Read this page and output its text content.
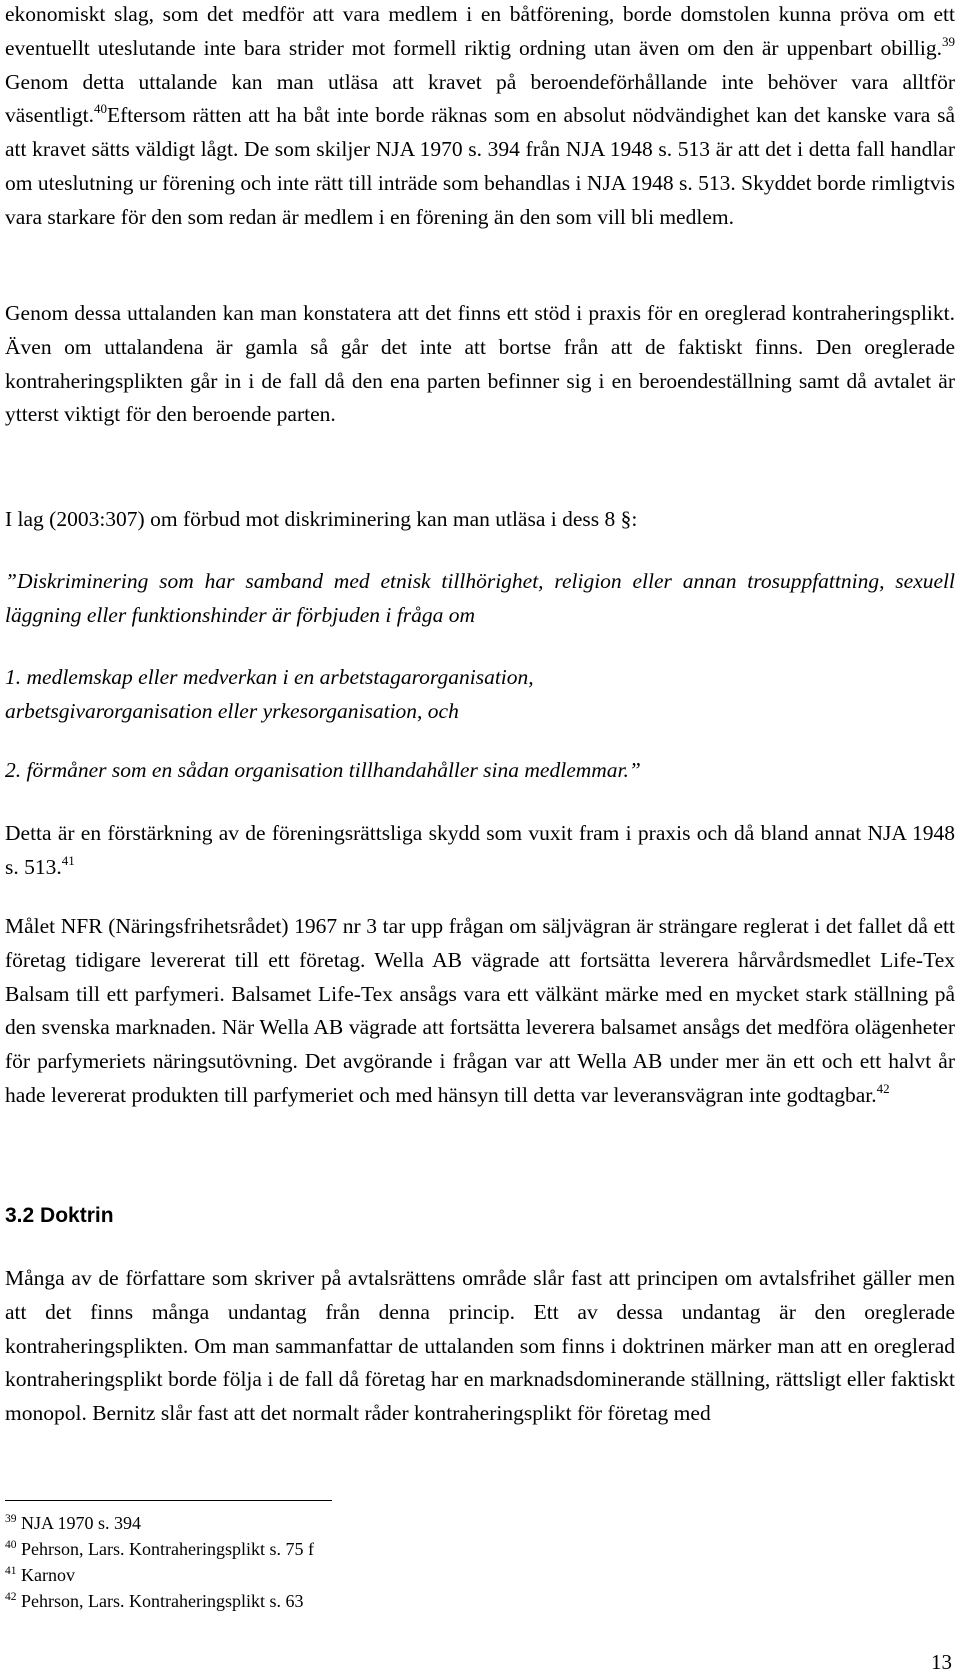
ekonomiskt slag, som det medför att vara medlem i en båtförening, borde domstolen kunna pröva om ett eventuellt uteslutande inte bara strider mot formell riktig ordning utan även om den är uppenbart obillig.$^{39}$ Genom detta uttalande kan man utläsa att kravet på beroendeförhållande inte behöver vara alltför väsentligt.$^{40}$Eftersom rätten att ha båt inte borde räknas som en absolut nödvändighet kan det kanske vara så att kravet sätts väldigt lågt. De som skiljer NJA 1970 s. 394 från NJA 1948 s. 513 är att det i detta fall handlar om uteslutning ur förening och inte rätt till inträde som behandlas i NJA 1948 s. 513. Skyddet borde rimligtvis vara starkare för den som redan är medlem i en förening än den som vill bli medlem.

Genom dessa uttalanden kan man konstatera att det finns ett stöd i praxis för en oreglerad kontraheringsplikt. Även om uttalandena är gamla så går det inte att bortse från att de faktiskt finns. Den oreglerade kontraheringsplikten går in i de fall då den ena parten befinner sig i en beroendeställning samt då avtalet är ytterst viktigt för den beroende parten.

I lag (2003:307) om förbud mot diskriminering kan man utläsa i dess 8 §:

”Diskriminering som har samband med etnisk tillhörighet, religion eller annan trosuppfattning, sexuell läggning eller funktionshinder är förbjuden i fråga om

1. medlemskap eller medverkan i en arbetstagarorganisation, arbetsgivarorganisation eller yrkesorganisation, och

2. förmåner som en sådan organisation tillhandahåller sina medlemmar.”

Detta är en förstärkning av de föreningsrättsliga skydd som vuxit fram i praxis och då bland annat NJA 1948 s. 513.41

Målet NFR (Näringsfrihetsrådet) 1967 nr 3 tar upp frågan om säljvägran är strängare reglerat i det fallet då ett företag tidigare levererat till ett företag. Wella AB vägrade att fortsätta leverera hårvårdsmedlet Life-Tex Balsam till ett parfymeri. Balsamet Life-Tex ansågs vara ett välkänt märke med en mycket stark ställning på den svenska marknaden. När Wella AB vägrade att fortsätta leverera balsamet ansågs det medföra olägenheter för parfymeriets näringsutövning. Det avgörande i frågan var att Wella AB under mer än ett och ett halvt år hade levererat produkten till parfymeriet och med hänsyn till detta var leveransvägran inte godtagbar.$^{42}$

3.2 Doktrin

Många av de författare som skriver på avtalsrättens område slår fast att principen om avtalsfrihet gäller men att det finns många undantag från denna princip. Ett av dessa undantag är den oreglerade kontraheringsplikten. Om man sammanfattar de uttalanden som finns i doktrinen märker man att en oreglerad kontraheringsplikt borde följa i de fall då företag har en marknadsdominerande ställning, rättsligt eller faktiskt monopol. Bernitz slår fast att det normalt råder kontraheringsplikt för företag med

$^{39}$ NJA 1970 s. 394
$^{40}$ Pehrson, Lars. Kontraheringsplikt s. 75 f
$^{41}$ Karnov
$^{42}$ Pehrson, Lars. Kontraheringsplikt s. 63
13
